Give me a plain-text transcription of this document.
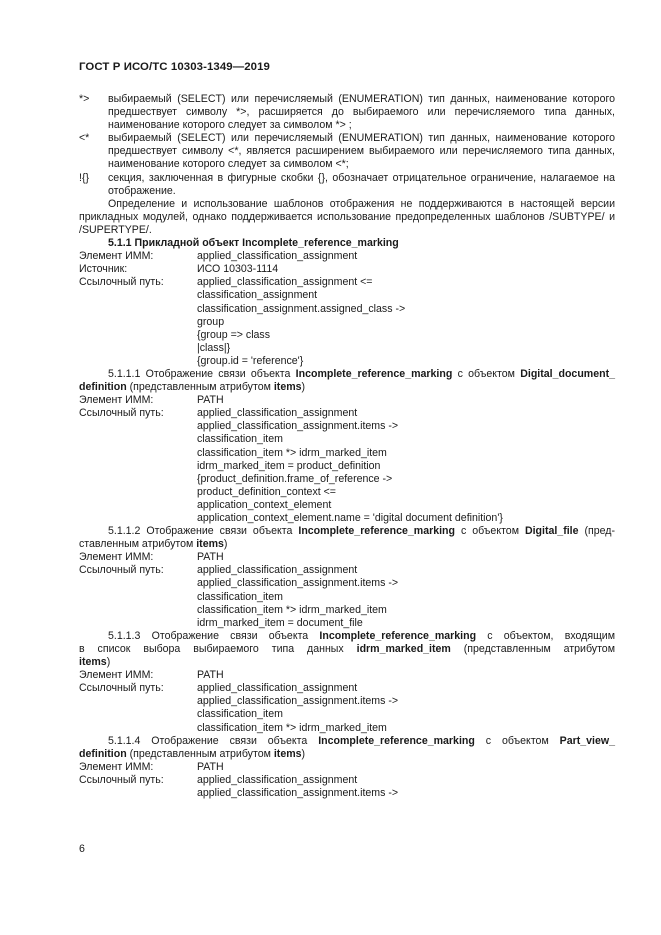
ГОСТ Р ИСО/ТС 10303-1349—2019
*>	выбираемый (SELECT) или перечисляемый (ENUMERATION) тип данных, наименование которого предшествует символу *>, расширяется до выбираемого или перечисляемого типа данных, наименование которого следует за символом *> ;
<*	выбираемый (SELECT) или перечисляемый (ENUMERATION) тип данных, наименование которого предшествует символу <*, является расширением выбираемого или перечисляемого типа данных, наименование которого следует за символом <*;
!{}	секция, заключенная в фигурные скобки {}, обозначает отрицательное ограничение, налагаемое на отображение.
Определение и использование шаблонов отображения не поддерживаются в настоящей версии прикладных модулей, однако поддерживается использование предопределенных шаблонов /SUBTYPE/ и /SUPERTYPE/.
5.1.1 Прикладной объект Incomplete_reference_marking
Элемент ИММ:	applied_classification_assignment
Источник:	ИСО 10303-1114
Ссылочный путь:	applied_classification_assignment <=
classification_assignment
classification_assignment.assigned_class ->
group
{group => class
|class|}
{group.id = 'reference'}
5.1.1.1 Отображение связи объекта Incomplete_reference_marking с объектом Digital_document_
definition (представленным атрибутом items)
Элемент ИММ:	PATH
Ссылочный путь:	applied_classification_assignment
applied_classification_assignment.items ->
classification_item
classification_item *> idrm_marked_item
idrm_marked_item = product_definition
{product_definition.frame_of_reference ->
product_definition_context <=
application_context_element
application_context_element.name = 'digital document definition'}
5.1.1.2 Отображение связи объекта Incomplete_reference_marking с объектом Digital_file (пред-
ставленным атрибутом items)
Элемент ИММ:	PATH
Ссылочный путь:	applied_classification_assignment
applied_classification_assignment.items ->
classification_item
classification_item *> idrm_marked_item
idrm_marked_item = document_file
5.1.1.3 Отображение связи объекта Incomplete_reference_marking с объектом, входящим
в список выбора выбираемого типа данных idrm_marked_item (представленным атрибутом
items)
Элемент ИММ:	PATH
Ссылочный путь:	applied_classification_assignment
applied_classification_assignment.items ->
classification_item
classification_item *> idrm_marked_item
5.1.1.4 Отображение связи объекта Incomplete_reference_marking с объектом Part_view_
definition (представленным атрибутом items)
Элемент ИММ:	PATH
Ссылочный путь:	applied_classification_assignment
applied_classification_assignment.items ->
6
